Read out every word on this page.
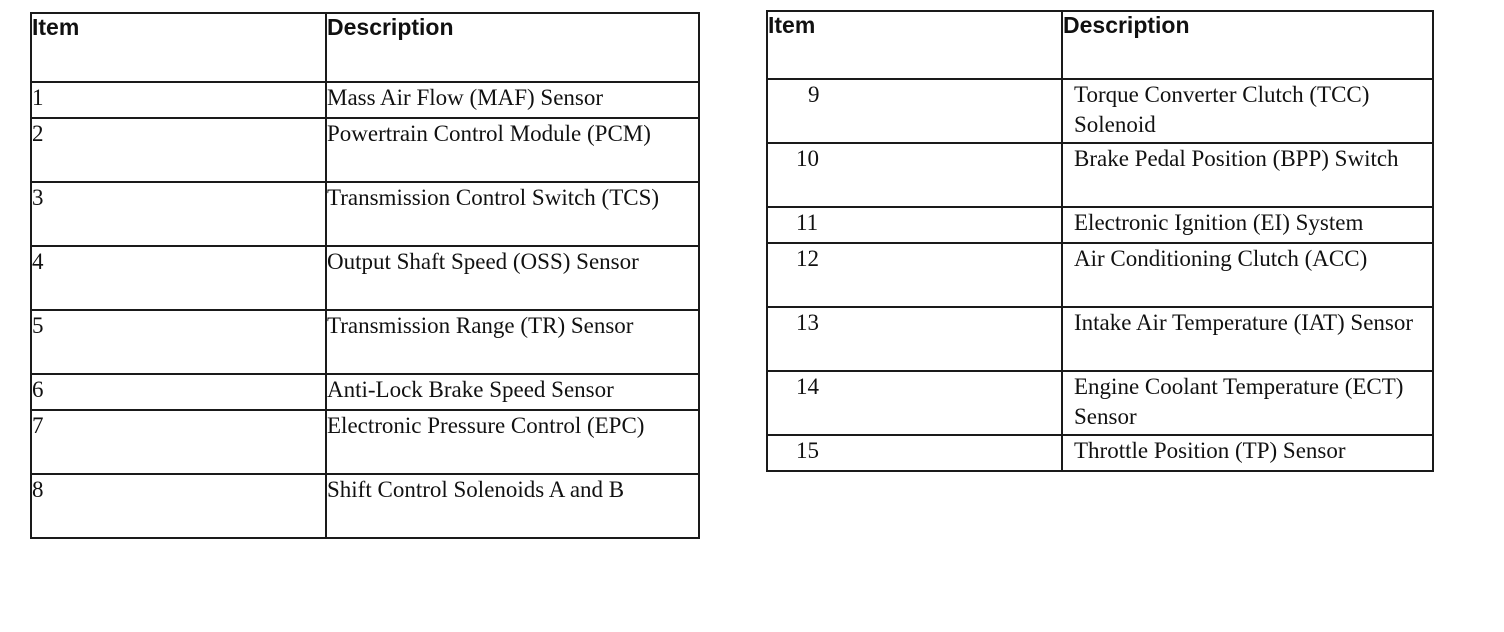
Item	Description
1	Mass Air Flow (MAF) Sensor
2	Powertrain Control Module (PCM)
3	Transmission Control Switch (TCS)
4	Output Shaft Speed (OSS) Sensor
5	Transmission Range (TR) Sensor
6	Anti-Lock Brake Speed Sensor
7	Electronic Pressure Control (EPC)
8	Shift Control Solenoids A and B
Item	Description
9	Torque Converter Clutch (TCC) Solenoid
10	Brake Pedal Position (BPP) Switch
11	Electronic Ignition (EI) System
12	Air Conditioning Clutch (ACC)
13	Intake Air Temperature (IAT) Sensor
14	Engine Coolant Temperature (ECT) Sensor
15	Throttle Position (TP) Sensor
